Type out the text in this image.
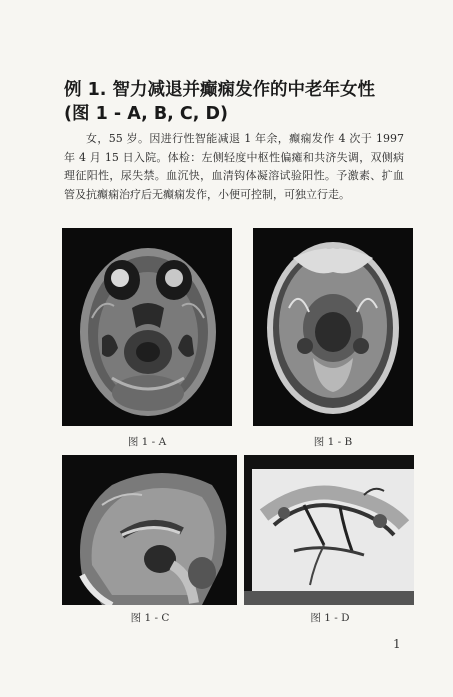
例 1. 智力减退并癫痫发作的中老年女性
(图 1 - A, B, C, D)

女，55 岁。因进行性智能减退 1 年余，癫痫发作 4 次于 1997 年 4 月 15 日入院。体检：左侧轻度中枢性偏瘫和共济失调，双侧病理征阳性，尿失禁。血沉快，血清钩体凝溶试验阳性。予激素、扩血管及抗癫痫治疗后无癫痫发作，小便可控制，可独立行走。

图 1 - A	图 1 - B
图 1 - C	图 1 - D
1
